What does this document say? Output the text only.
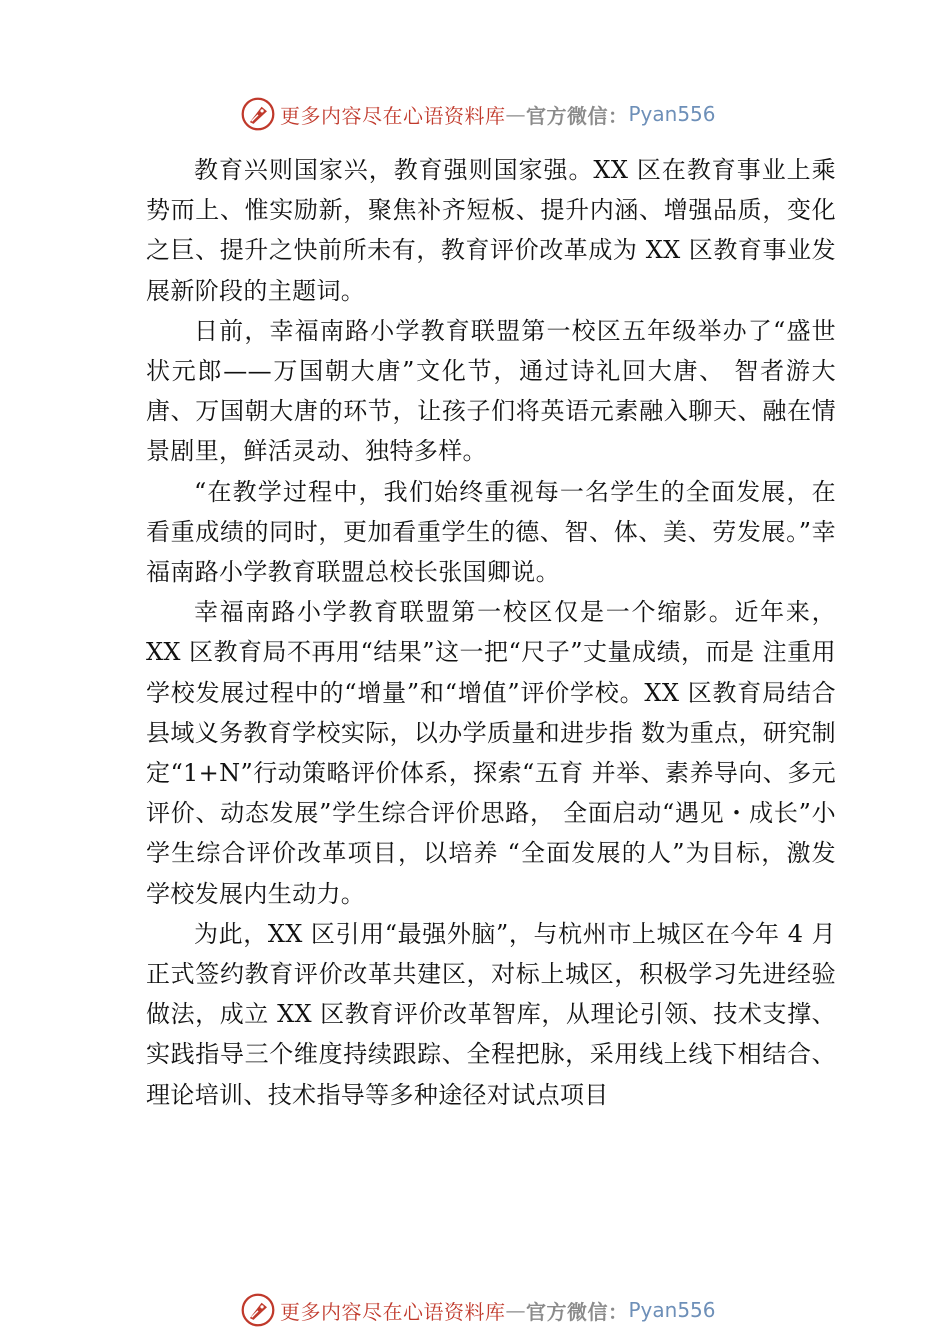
更多内容尽在心语资料库 — 官方微信： Pyan556

教育兴则国家兴，教育强则国家强。XX 区在教育事业上乘势而上、惟实励新，聚焦补齐短板、提升内涵、增强品质，变化之巨、提升之快前所未有，教育评价改革成为 XX 区教育事业发展新阶段的主题词。

日前，幸福南路小学教育联盟第一校区五年级举办了“盛世状元郎——万国朝大唐”文化节，通过诗礼回大唐、 智者游大唐、万国朝大唐的环节，让孩子们将英语元素融入聊天、融在情景剧里，鲜活灵动、独特多样。

“在教学过程中，我们始终重视每一名学生的全面发展，在看重成绩的同时，更加看重学生的德、智、体、美、劳发展。”幸福南路小学教育联盟总校长张国卿说。

幸福南路小学教育联盟第一校区仅是一个缩影。近年来，XX 区教育局不再用“结果”这一把“尺子”丈量成绩，而是 注重用学校发展过程中的“增量”和“增值”评价学校。XX 区教育局结合县域义务教育学校实际，以办学质量和进步指 数为重点，研究制定“1+N”行动策略评价体系，探索“五育 并举、素养导向、多元评价、动态发展”学生综合评价思路， 全面启动“遇见・成长”小学生综合评价改革项目，以培养 “全面发展的人”为目标，激发学校发展内生动力。

为此，XX 区引用“最强外脑”，与杭州市上城区在今年 4 月正式签约教育评价改革共建区，对标上城区，积极学习先进经验做法，成立 XX 区教育评价改革智库，从理论引领、技术支撑、实践指导三个维度持续跟踪、全程把脉，采用线上线下相结合、理论培训、技术指导等多种途径对试点项目

更多内容尽在心语资料库 — 官方微信： Pyan556
